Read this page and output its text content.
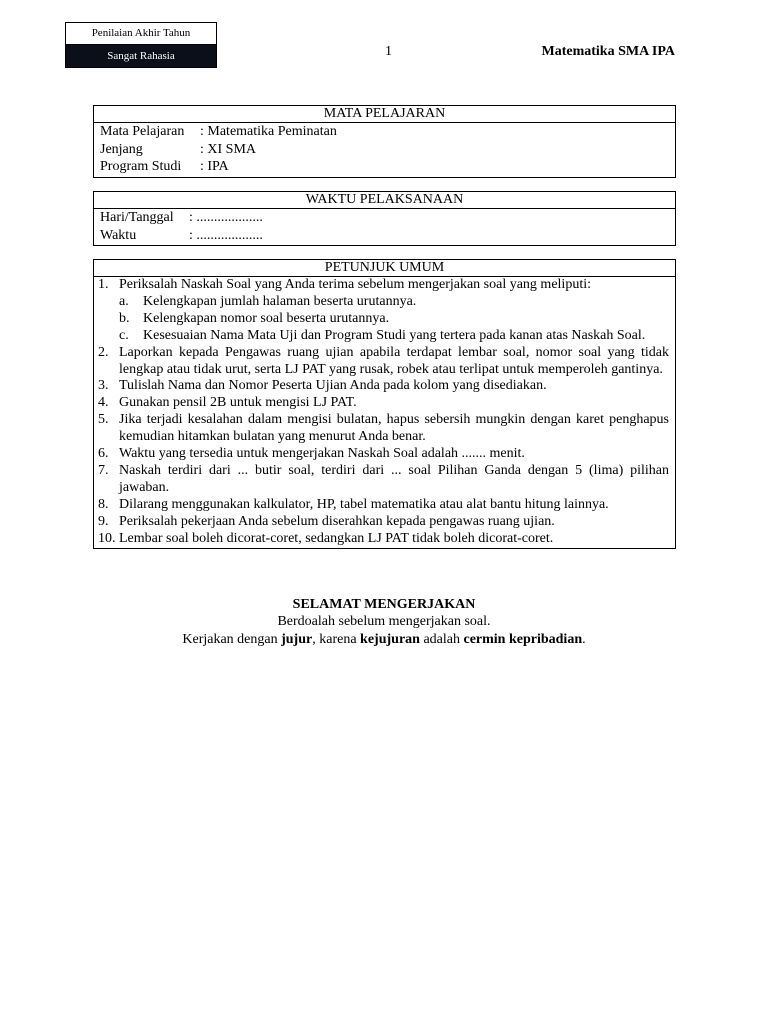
Penilaian Akhir Tahun
Sangat Rahasia	1	Matematika SMA IPA
MATA PELAJARAN
Mata Pelajaran : Matematika Peminatan
Jenjang	: XI SMA
Program Studi : IPA
WAKTU PELAKSANAAN
Hari/Tanggal : ...................
Waktu	: ...................
PETUNJUK UMUM
1. Periksalah Naskah Soal yang Anda terima sebelum mengerjakan soal yang meliputi:
a. Kelengkapan jumlah halaman beserta urutannya.
b. Kelengkapan nomor soal beserta urutannya.
c. Kesesuaian Nama Mata Uji dan Program Studi yang tertera pada kanan atas Naskah Soal.
2. Laporkan kepada Pengawas ruang ujian apabila terdapat lembar soal, nomor soal yang tidak lengkap atau tidak urut, serta LJ PAT yang rusak, robek atau terlipat untuk memperoleh gantinya.
3. Tulislah Nama dan Nomor Peserta Ujian Anda pada kolom yang disediakan.
4. Gunakan pensil 2B untuk mengisi LJ PAT.
5. Jika terjadi kesalahan dalam mengisi bulatan, hapus sebersih mungkin dengan karet penghapus kemudian hitamkan bulatan yang menurut Anda benar.
6. Waktu yang tersedia untuk mengerjakan Naskah Soal adalah ....... menit.
7. Naskah terdiri dari ... butir soal, terdiri dari ... soal Pilihan Ganda dengan 5 (lima) pilihan jawaban.
8. Dilarang menggunakan kalkulator, HP, tabel matematika atau alat bantu hitung lainnya.
9. Periksalah pekerjaan Anda sebelum diserahkan kepada pengawas ruang ujian.
10. Lembar soal boleh dicorat-coret, sedangkan LJ PAT tidak boleh dicorat-coret.
SELAMAT MENGERJAKAN
Berdoalah sebelum mengerjakan soal.
Kerjakan dengan jujur, karena kejujuran adalah cermin kepribadian.
